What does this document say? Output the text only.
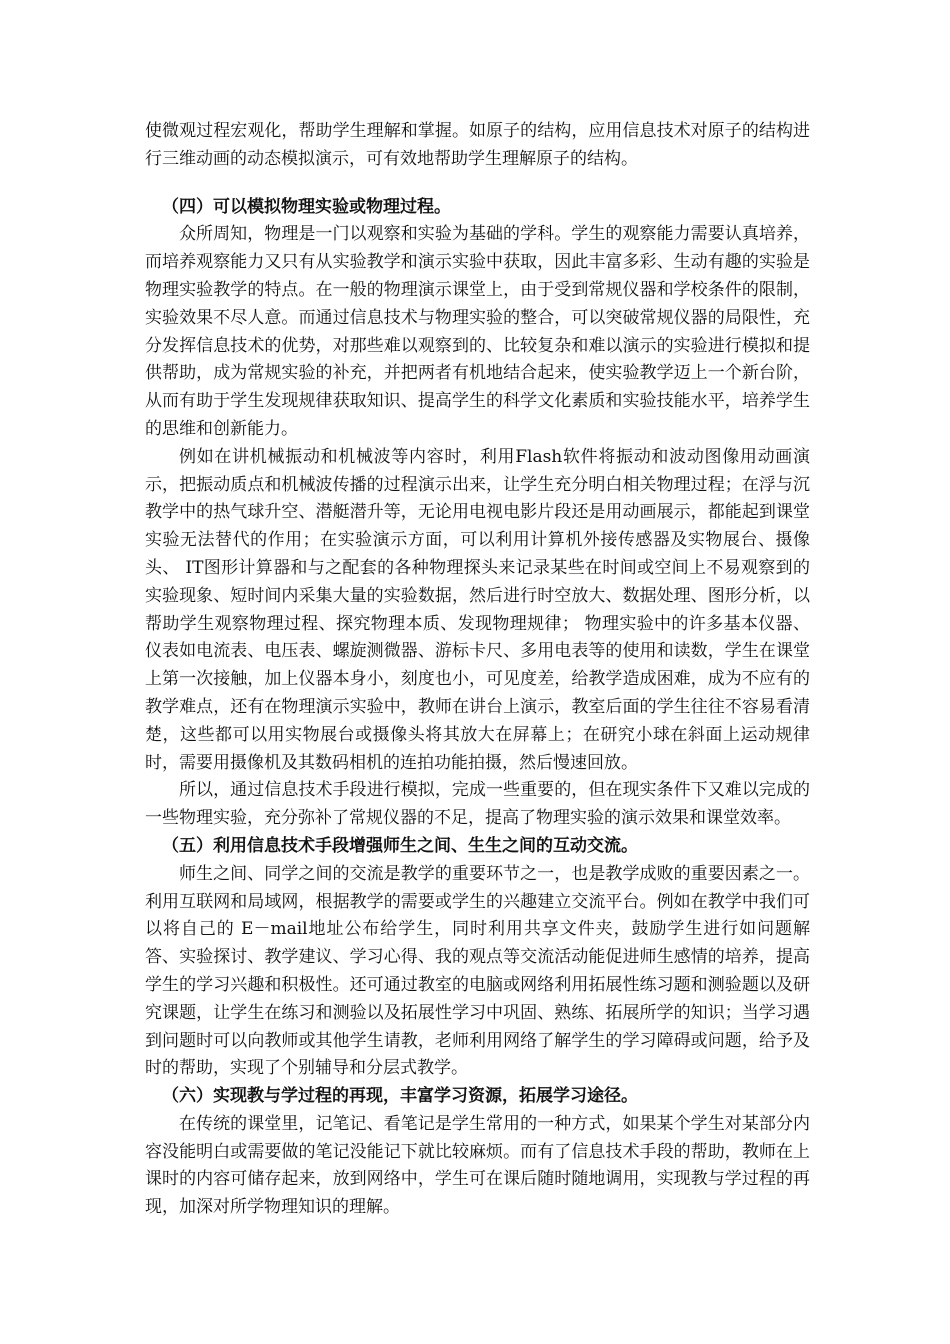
使微观过程宏观化，帮助学生理解和掌握。如原子的结构，应用信息技术对原子的结构进行三维动画的动态模拟演示，可有效地帮助学生理解原子的结构。

（四）可以模拟物理实验或物理过程。

众所周知，物理是一门以观察和实验为基础的学科。学生的观察能力需要认真培养，而培养观察能力又只有从实验教学和演示实验中获取，因此丰富多彩、生动有趣的实验是物理实验教学的特点。在一般的物理演示课堂上，由于受到常规仪器和学校条件的限制，实验效果不尽人意。而通过信息技术与物理实验的整合，可以突破常规仪器的局限性，充分发挥信息技术的优势，对那些难以观察到的、比较复杂和难以演示的实验进行模拟和提供帮助，成为常规实验的补充，并把两者有机地结合起来，使实验教学迈上一个新台阶，从而有助于学生发现规律获取知识、提高学生的科学文化素质和实验技能水平，培养学生的思维和创新能力。

例如在讲机械振动和机械波等内容时，利用Flash软件将振动和波动图像用动画演示，把振动质点和机械波传播的过程演示出来，让学生充分明白相关物理过程；在浮与沉教学中的热气球升空、潜艇潜升等，无论用电视电影片段还是用动画展示，都能起到课堂实验无法替代的作用；在实验演示方面，可以利用计算机外接传感器及实物展台、摄像头、 IT图形计算器和与之配套的各种物理探头来记录某些在时间或空间上不易观察到的实验现象、短时间内采集大量的实验数据，然后进行时空放大、数据处理、图形分析，以帮助学生观察物理过程、探究物理本质、发现物理规律； 物理实验中的许多基本仪器、仪表如电流表、电压表、螺旋测微器、游标卡尺、多用电表等的使用和读数，学生在课堂上第一次接触，加上仪器本身小，刻度也小，可见度差，给教学造成困难，成为不应有的教学难点，还有在物理演示实验中，教师在讲台上演示，教室后面的学生往往不容易看清楚，这些都可以用实物展台或摄像头将其放大在屏幕上；在研究小球在斜面上运动规律时，需要用摄像机及其数码相机的连拍功能拍摄，然后慢速回放。

所以，通过信息技术手段进行模拟，完成一些重要的，但在现实条件下又难以完成的一些物理实验，充分弥补了常规仪器的不足，提高了物理实验的演示效果和课堂效率。

（五）利用信息技术手段增强师生之间、生生之间的互动交流。

师生之间、同学之间的交流是教学的重要环节之一，也是教学成败的重要因素之一。利用互联网和局域网，根据教学的需要或学生的兴趣建立交流平台。例如在教学中我们可以将自己的 E－mail地址公布给学生，同时利用共享文件夹，鼓励学生进行如问题解答、实验探讨、教学建议、学习心得、我的观点等交流活动能促进师生感情的培养，提高学生的学习兴趣和积极性。还可通过教室的电脑或网络利用拓展性练习题和测验题以及研究课题，让学生在练习和测验以及拓展性学习中巩固、熟练、拓展所学的知识；当学习遇到问题时可以向教师或其他学生请教，老师利用网络了解学生的学习障碍或问题，给予及时的帮助，实现了个别辅导和分层式教学。

（六）实现教与学过程的再现，丰富学习资源，拓展学习途径。

在传统的课堂里，记笔记、看笔记是学生常用的一种方式，如果某个学生对某部分内容没能明白或需要做的笔记没能记下就比较麻烦。而有了信息技术手段的帮助，教师在上课时的内容可储存起来，放到网络中，学生可在课后随时随地调用，实现教与学过程的再现，加深对所学物理知识的理解。
